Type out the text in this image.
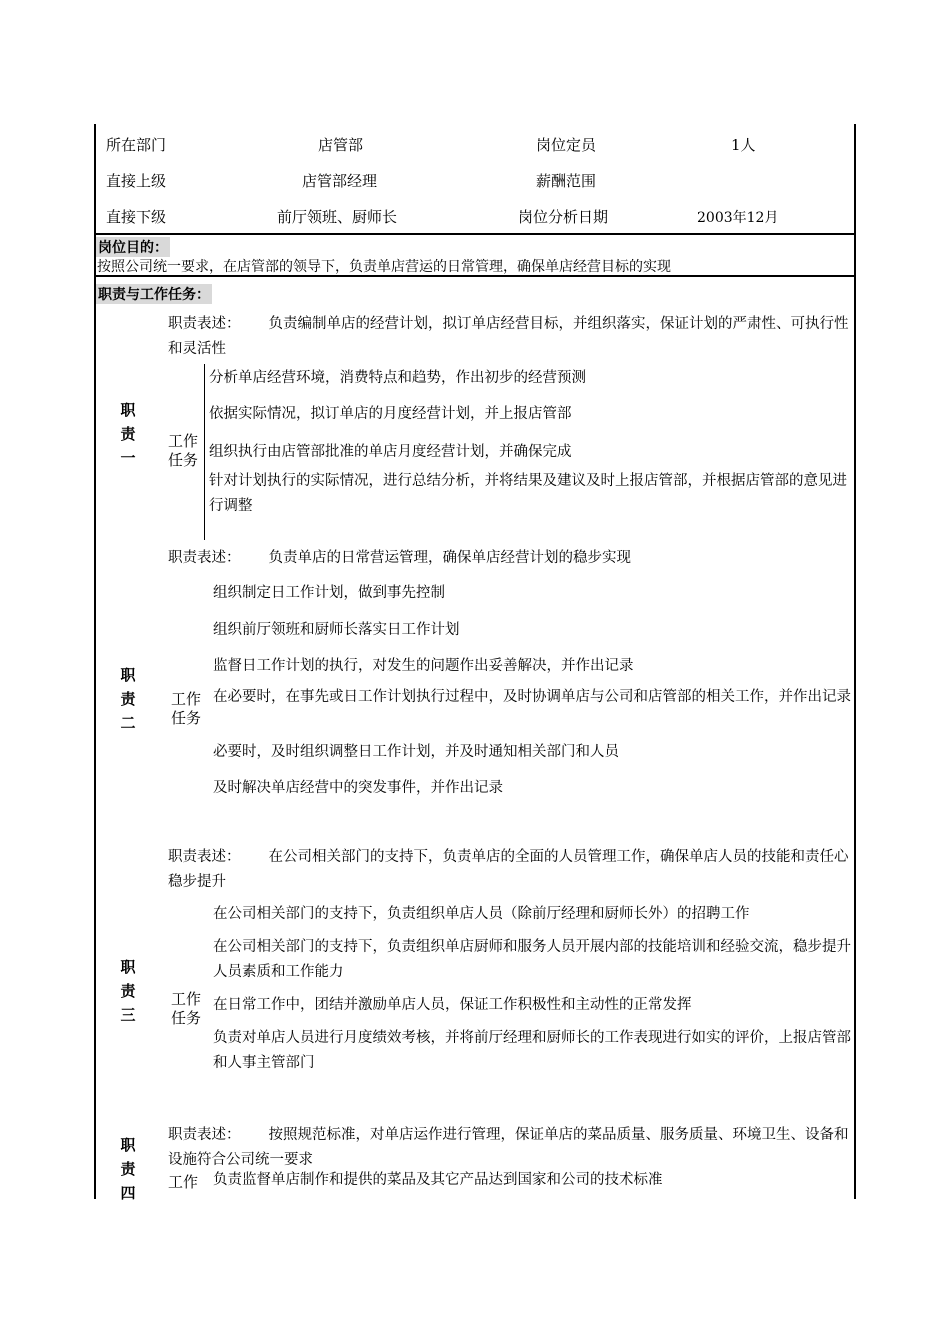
所在部门	店管部	岗位定员	1人
直接上级	店管部经理	薪酬范围
直接下级	前厅领班、厨师长	岗位分析日期	2003年12月
岗位目的：
按照公司统一要求，在店管部的领导下，负责单店营运的日常管理，确保单店经营目标的实现
职责与工作任务：
职责一
职责表述： 负责编制单店的经营计划，拟订单店经营目标，并组织落实，保证计划的严肃性、可执行性和灵活性
工作任务
分析单店经营环境，消费特点和趋势，作出初步的经营预测
依据实际情况，拟订单店的月度经营计划，并上报店管部
组织执行由店管部批准的单店月度经营计划，并确保完成
针对计划执行的实际情况，进行总结分析，并将结果及建议及时上报店管部，并根据店管部的意见进行调整
职责二
职责表述： 负责单店的日常营运管理，确保单店经营计划的稳步实现
工作任务
组织制定日工作计划，做到事先控制
组织前厅领班和厨师长落实日工作计划
监督日工作计划的执行，对发生的问题作出妥善解决，并作出记录
在必要时，在事先或日工作计划执行过程中，及时协调单店与公司和店管部的相关工作，并作出记录
必要时，及时组织调整日工作计划，并及时通知相关部门和人员
及时解决单店经营中的突发事件，并作出记录
职责三
职责表述： 在公司相关部门的支持下，负责单店的全面的人员管理工作，确保单店人员的技能和责任心稳步提升
工作任务
在公司相关部门的支持下，负责组织单店人员（除前厅经理和厨师长外）的招聘工作
在公司相关部门的支持下，负责组织单店厨师和服务人员开展内部的技能培训和经验交流，稳步提升人员素质和工作能力
在日常工作中，团结并激励单店人员，保证工作积极性和主动性的正常发挥
负责对单店人员进行月度绩效考核，并将前厅经理和厨师长的工作表现进行如实的评价，上报店管部和人事主管部门
职责四
职责表述： 按照规范标准，对单店运作进行管理，保证单店的菜品质量、服务质量、环境卫生、设备和设施符合公司统一要求
工作 负责监督单店制作和提供的菜品及其它产品达到国家和公司的技术标准
